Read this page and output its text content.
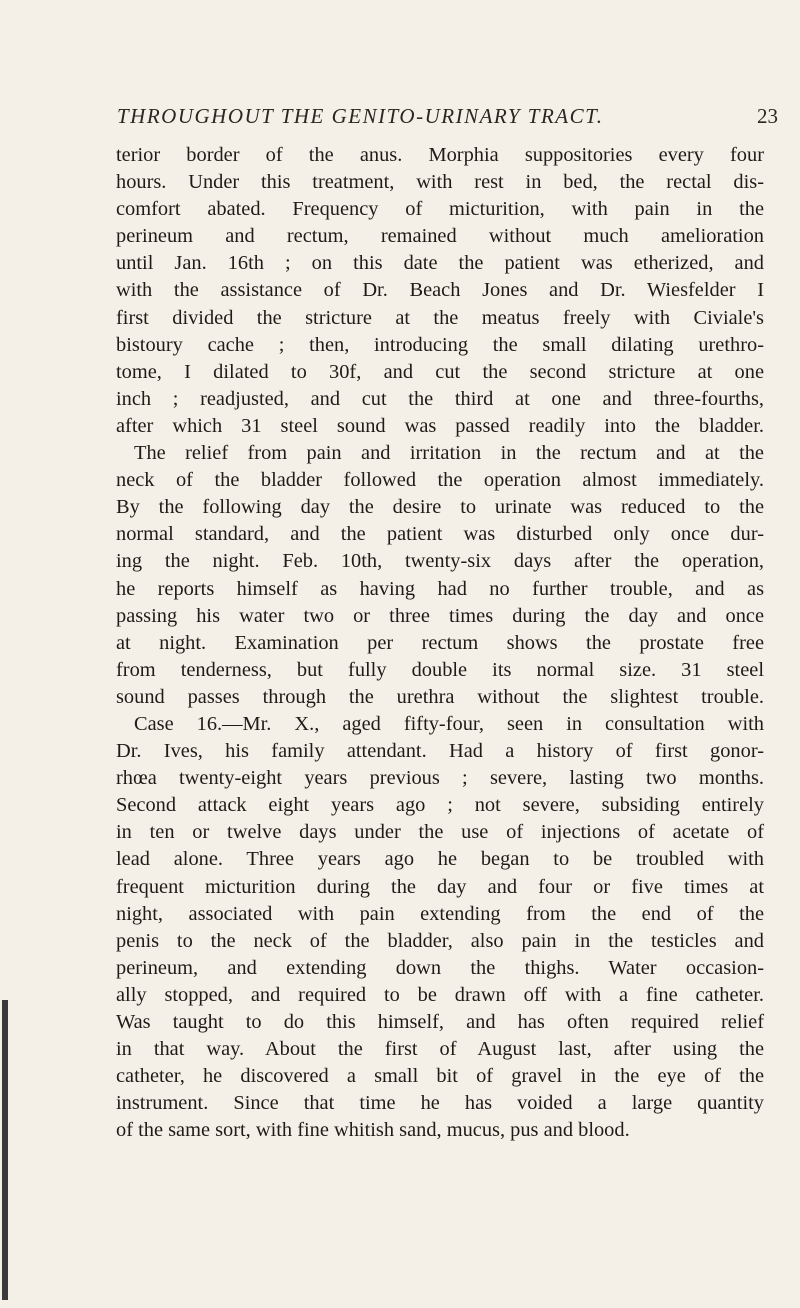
THROUGHOUT THE GENITO-URINARY TRACT.	23
terior border of the anus. Morphia suppositories every four
hours. Under this treatment, with rest in bed, the rectal dis-
comfort abated. Frequency of micturition, with pain in the
perineum and rectum, remained without much amelioration
until Jan. 16th ; on this date the patient was etherized, and
with the assistance of Dr. Beach Jones and Dr. Wiesfelder I
first divided the stricture at the meatus freely with Civiale's
bistoury cache ; then, introducing the small dilating urethro-
tome, I dilated to 30f, and cut the second stricture at one
inch ; readjusted, and cut the third at one and three-fourths,
after which 31 steel sound was passed readily into the bladder.
The relief from pain and irritation in the rectum and at the
neck of the bladder followed the operation almost immediately.
By the following day the desire to urinate was reduced to the
normal standard, and the patient was disturbed only once dur-
ing the night. Feb. 10th, twenty-six days after the operation,
he reports himself as having had no further trouble, and as
passing his water two or three times during the day and once
at night. Examination per rectum shows the prostate free
from tenderness, but fully double its normal size. 31 steel
sound passes through the urethra without the slightest trouble.
Case 16.—Mr. X., aged fifty-four, seen in consultation with
Dr. Ives, his family attendant. Had a history of first gonor-
rhœa twenty-eight years previous ; severe, lasting two months.
Second attack eight years ago ; not severe, subsiding entirely
in ten or twelve days under the use of injections of acetate of
lead alone. Three years ago he began to be troubled with
frequent micturition during the day and four or five times at
night, associated with pain extending from the end of the
penis to the neck of the bladder, also pain in the testicles and
perineum, and extending down the thighs. Water occasion-
ally stopped, and required to be drawn off with a fine catheter.
Was taught to do this himself, and has often required relief
in that way. About the first of August last, after using the
catheter, he discovered a small bit of gravel in the eye of the
instrument. Since that time he has voided a large quantity
of the same sort, with fine whitish sand, mucus, pus and blood.
